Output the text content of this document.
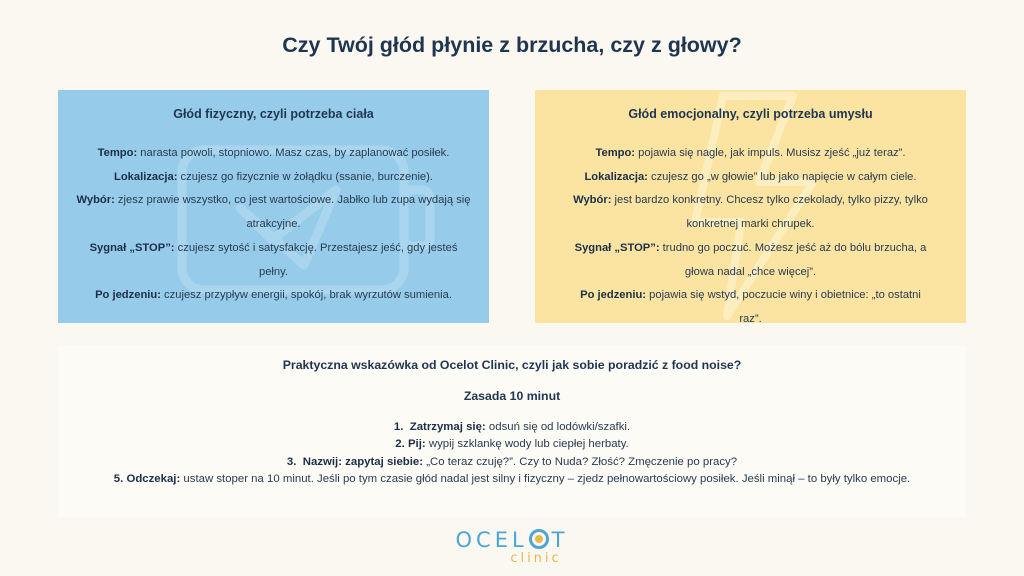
Czy Twój głód płynie z brzucha, czy z głowy?
Głód fizyczny, czyli potrzeba ciała

Tempo: narasta powoli, stopniowo. Masz czas, by zaplanować posiłek.

Lokalizacja: czujesz go fizycznie w żołądku (ssanie, burczenie).

Wybór: zjesz prawie wszystko, co jest wartościowe. Jabłko lub zupa wydają się atrakcyjne.

Sygnał „STOP”: czujesz sytość i satysfakcję. Przestajesz jeść, gdy jesteś pełny.

Po jedzeniu: czujesz przypływ energii, spokój, brak wyrzutów sumienia.

Głód emocjonalny, czyli potrzeba umysłu

Tempo: pojawia się nagle, jak impuls. Musisz zjeść „już teraz”.

Lokalizacja: czujesz go „w głowie” lub jako napięcie w całym ciele.

Wybór: jest bardzo konkretny. Chcesz tylko czekolady, tylko pizzy, tylko konkretnej marki chrupek.

Sygnał „STOP”: trudno go poczuć. Możesz jeść aż do bólu brzucha, a głowa nadal „chce więcej”.

Po jedzeniu: pojawia się wstyd, poczucie winy i obietnice: „to ostatni raz”.

Praktyczna wskazówka od Ocelot Clinic, czyli jak sobie poradzić z food noise?
Zasada 10 minut

1. Zatrzymaj się: odsuń się od lodówki/szafki.

2. Pij: wypij szklankę wody lub ciepłej herbaty.

3. Nazwij: zapytaj siebie: „Co teraz czuję?”. Czy to Nuda? Złość? Zmęczenie po pracy?

5. Odczekaj: ustaw stoper na 10 minut. Jeśli po tym czasie głód nadal jest silny i fizyczny – zjedz pełnowartościowy posiłek. Jeśli minął – to były tylko emocje.

OCEL T
clinic
